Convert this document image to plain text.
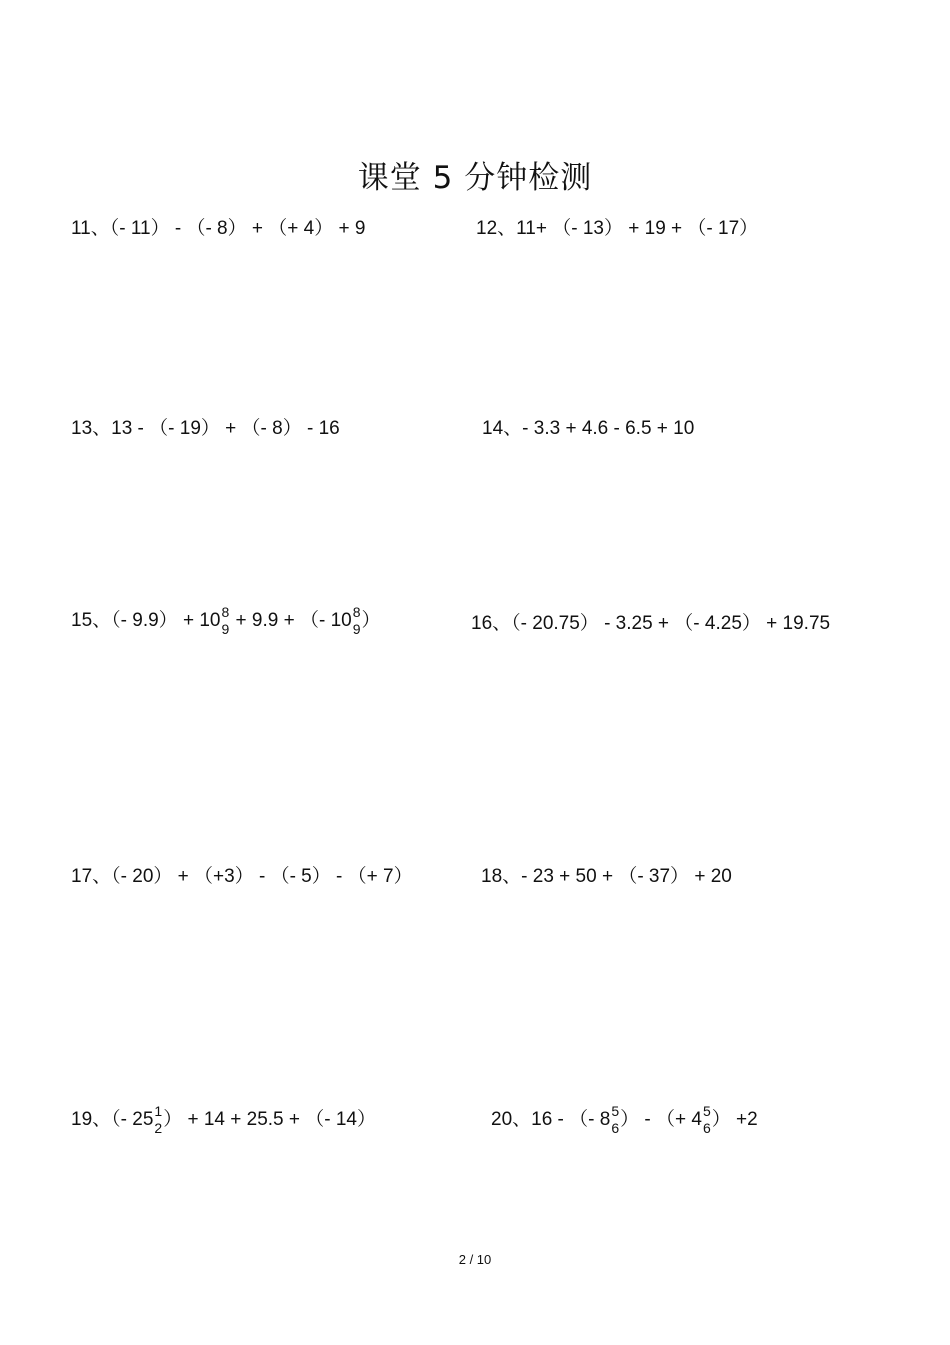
课堂 5 分钟检测
11、（- 11） - （- 8） + （+ 4） + 9	12、11+ （- 13） + 19 + （- 17）
13、13 - （- 19） + （- 8） - 16	14、- 3.3 + 4.6 - 6.5 + 10
15、（- 9.9） + 10 8
9 + 9.9 + （- 10 8
9 ）	16、（- 20.75） - 3.25 + （- 4.25） + 19.75
17、（- 20） + （+3） - （- 5） - （+ 7）	18、- 23 + 50 + （- 37） + 20
19、（- 25 1
2 ） + 14 + 25.5 + （- 14）	20、16 - （- 8 5
6 ） - （+ 4 5
6 ） +2
2 / 10
